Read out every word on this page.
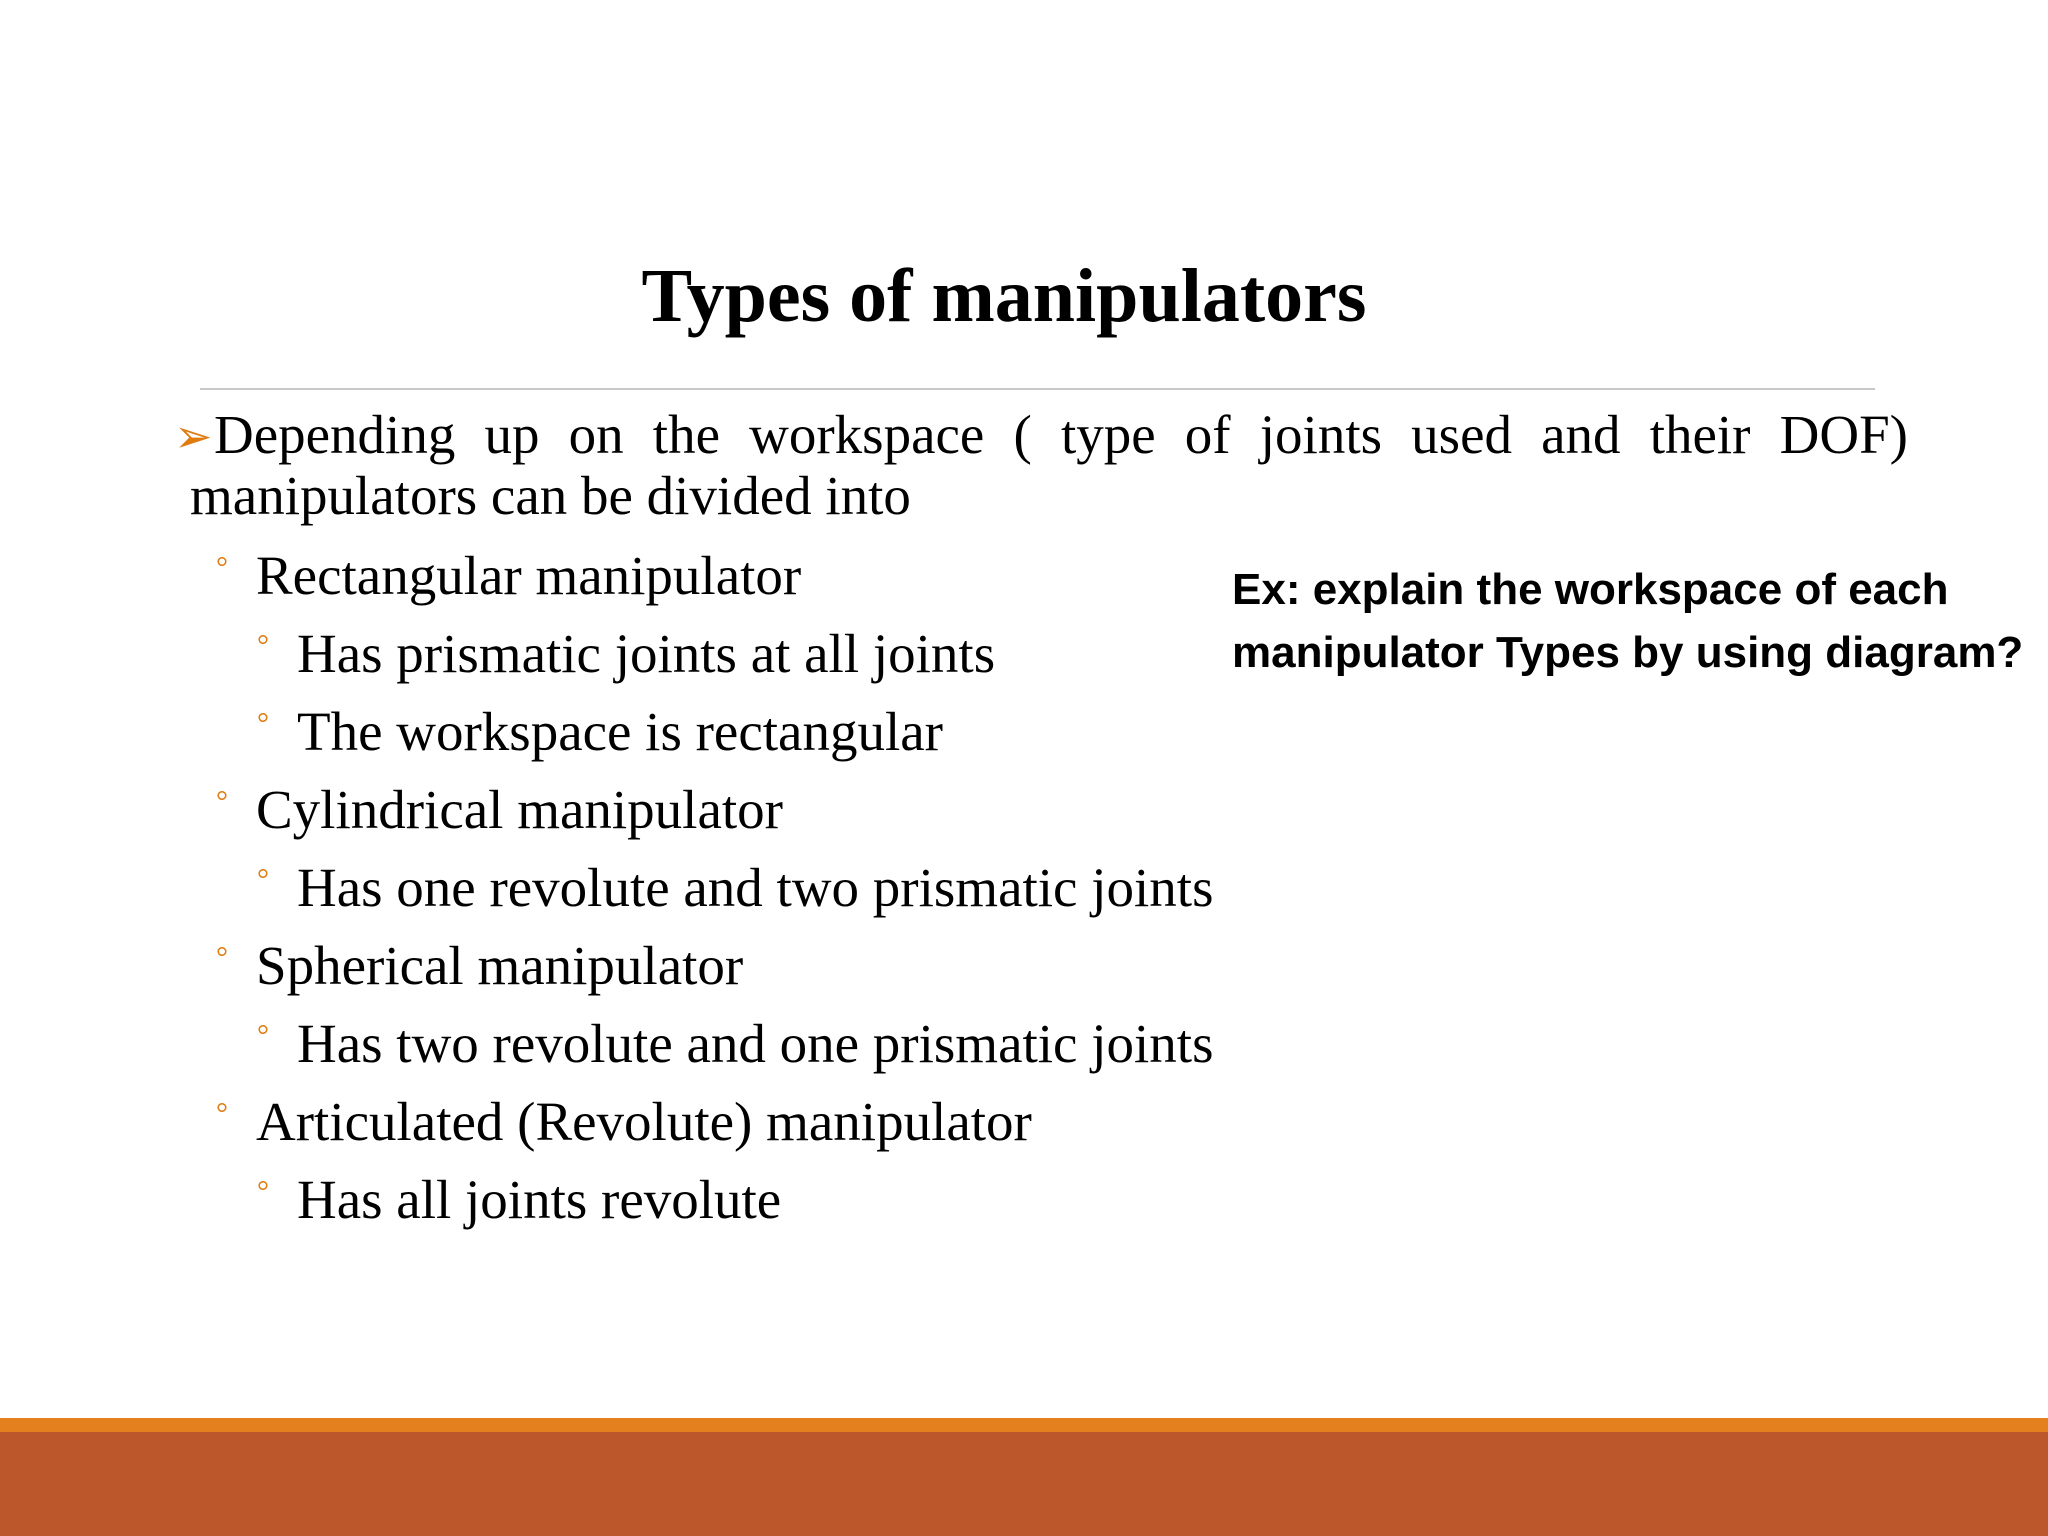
Types of manipulators
➢ Depending up on the workspace ( type of joints used and their DOF)
manipulators can be divided into
° Rectangular manipulator
° Has prismatic joints at all joints
° The workspace is rectangular
° Cylindrical manipulator
° Has one revolute and two prismatic joints
° Spherical manipulator
° Has two revolute and one prismatic joints
° Articulated (Revolute) manipulator
° Has all joints revolute
Ex: explain the workspace of each
manipulator Types by using diagram?
